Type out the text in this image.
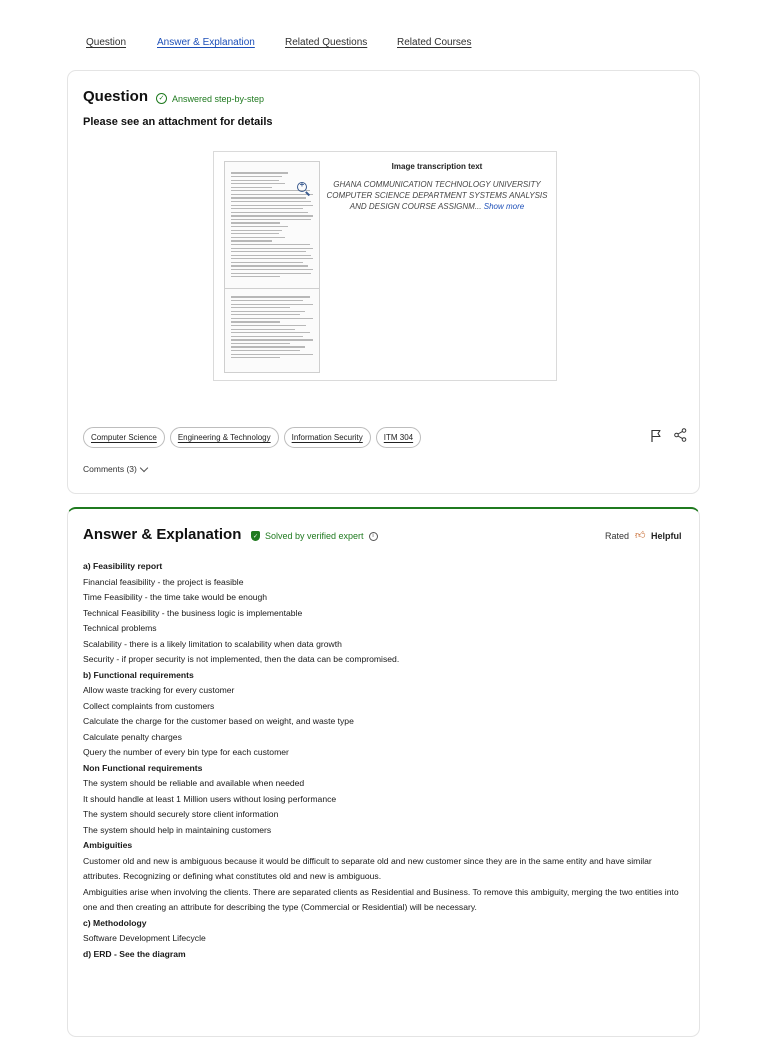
Question	Answer & Explanation	Related Questions	Related Courses
Question	✓ Answered step-by-step
Please see an attachment for details
+
Image transcription text
GHANA COMMUNICATION TECHNOLOGY UNIVERSITY COMPUTER SCIENCE DEPARTMENT SYSTEMS ANALYSIS AND DESIGN COURSE ASSIGNM... Show more
Computer Science	Engineering & Technology	Information Security	ITM 304
Comments (3)
Answer & Explanation	✓ Solved by verified expert	i	Rated 👍︎ Helpful
a) Feasibility report
Financial feasibility - the project is feasible
Time Feasibility - the time take would be enough
Technical Feasibility - the business logic is implementable
Technical problems
Scalability - there is a likely limitation to scalability when data growth
Security - if proper security is not implemented, then the data can be compromised.
b) Functional requirements
Allow waste tracking for every customer
Collect complaints from customers
Calculate the charge for the customer based on weight, and waste type
Calculate penalty charges
Query the number of every bin type for each customer
Non Functional requirements
The system should be reliable and available when needed
It should handle at least 1 Million users without losing performance
The system should securely store client information
The system should help in maintaining customers
Ambiguities
Customer old and new is ambiguous because it would be difficult to separate old and new customer since they are in the same entity and have similar attributes. Recognizing or defining what constitutes old and new is ambiguous.
Ambiguities arise when involving the clients. There are separated clients as Residential and Business. To remove this ambiguity, merging the two entities into one and then creating an attribute for describing the type (Commercial or Residential) will be necessary.
c) Methodology
Software Development Lifecycle
d) ERD - See the diagram
